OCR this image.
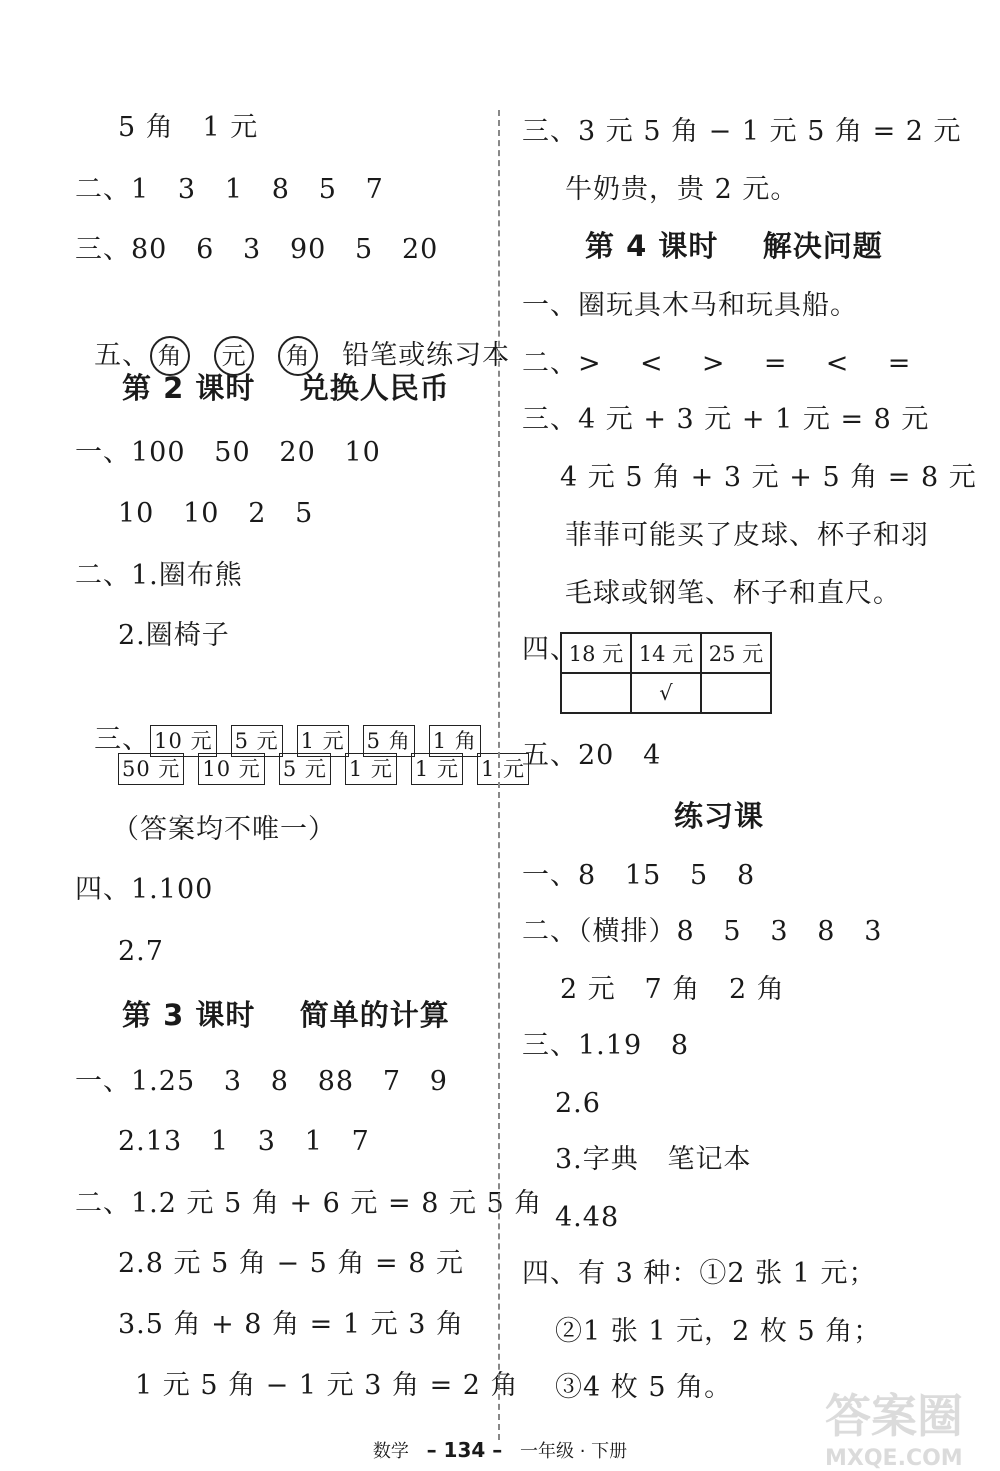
5 角   1 元
二、1   3   1   8   5   7
三、80   6   3   90   5   20

五、 角 元 角 铅笔或练习本

第 2 课时    兑换人民币
一、100   50   20   10
10   10   2   5
二、1.圈布熊
2.圈椅子

三、 10 元 5 元 1 元 5 角 1 角

50 元 10 元 5 元 1 元 1 元 1 元
（答案均不唯一）
四、1.100
2.7
第 3 课时    简单的计算
一、1.25   3   8   88   7   9
2.13   1   3   1   7
二、1.2 元 5 角 + 6 元 = 8 元 5 角
2.8 元 5 角 − 5 角 = 8 元
3.5 角 + 8 角 = 1 元 3 角
1 元 5 角 − 1 元 3 角 = 2 角
三、3 元 5 角 − 1 元 5 角 = 2 元
牛奶贵，贵 2 元。
第 4 课时    解决问题
一、圈玩具木马和玩具船。
二、>    <    >    =    <    =
三、4 元 + 3 元 + 1 元 = 8 元
4 元 5 角 + 3 元 + 5 角 = 8 元
菲菲可能买了皮球、杯子和羽
毛球或钢笔、杯子和直尺。
四、
18 元	14 元	25 元
	√	
五、20   4
练习课
一、8   15   5   8
二、（横排）8   5   3   8   3
2 元   7 角   2 角
三、1.19   8
2.6
3.字典   笔记本
4.48
四、有 3 种：①2 张 1 元；
②1 张 1 元，2 枚 5 角；
③4 枚 5 角。
数学 – 134 – 一年级 · 下册
答案圈
MXQE.COM
